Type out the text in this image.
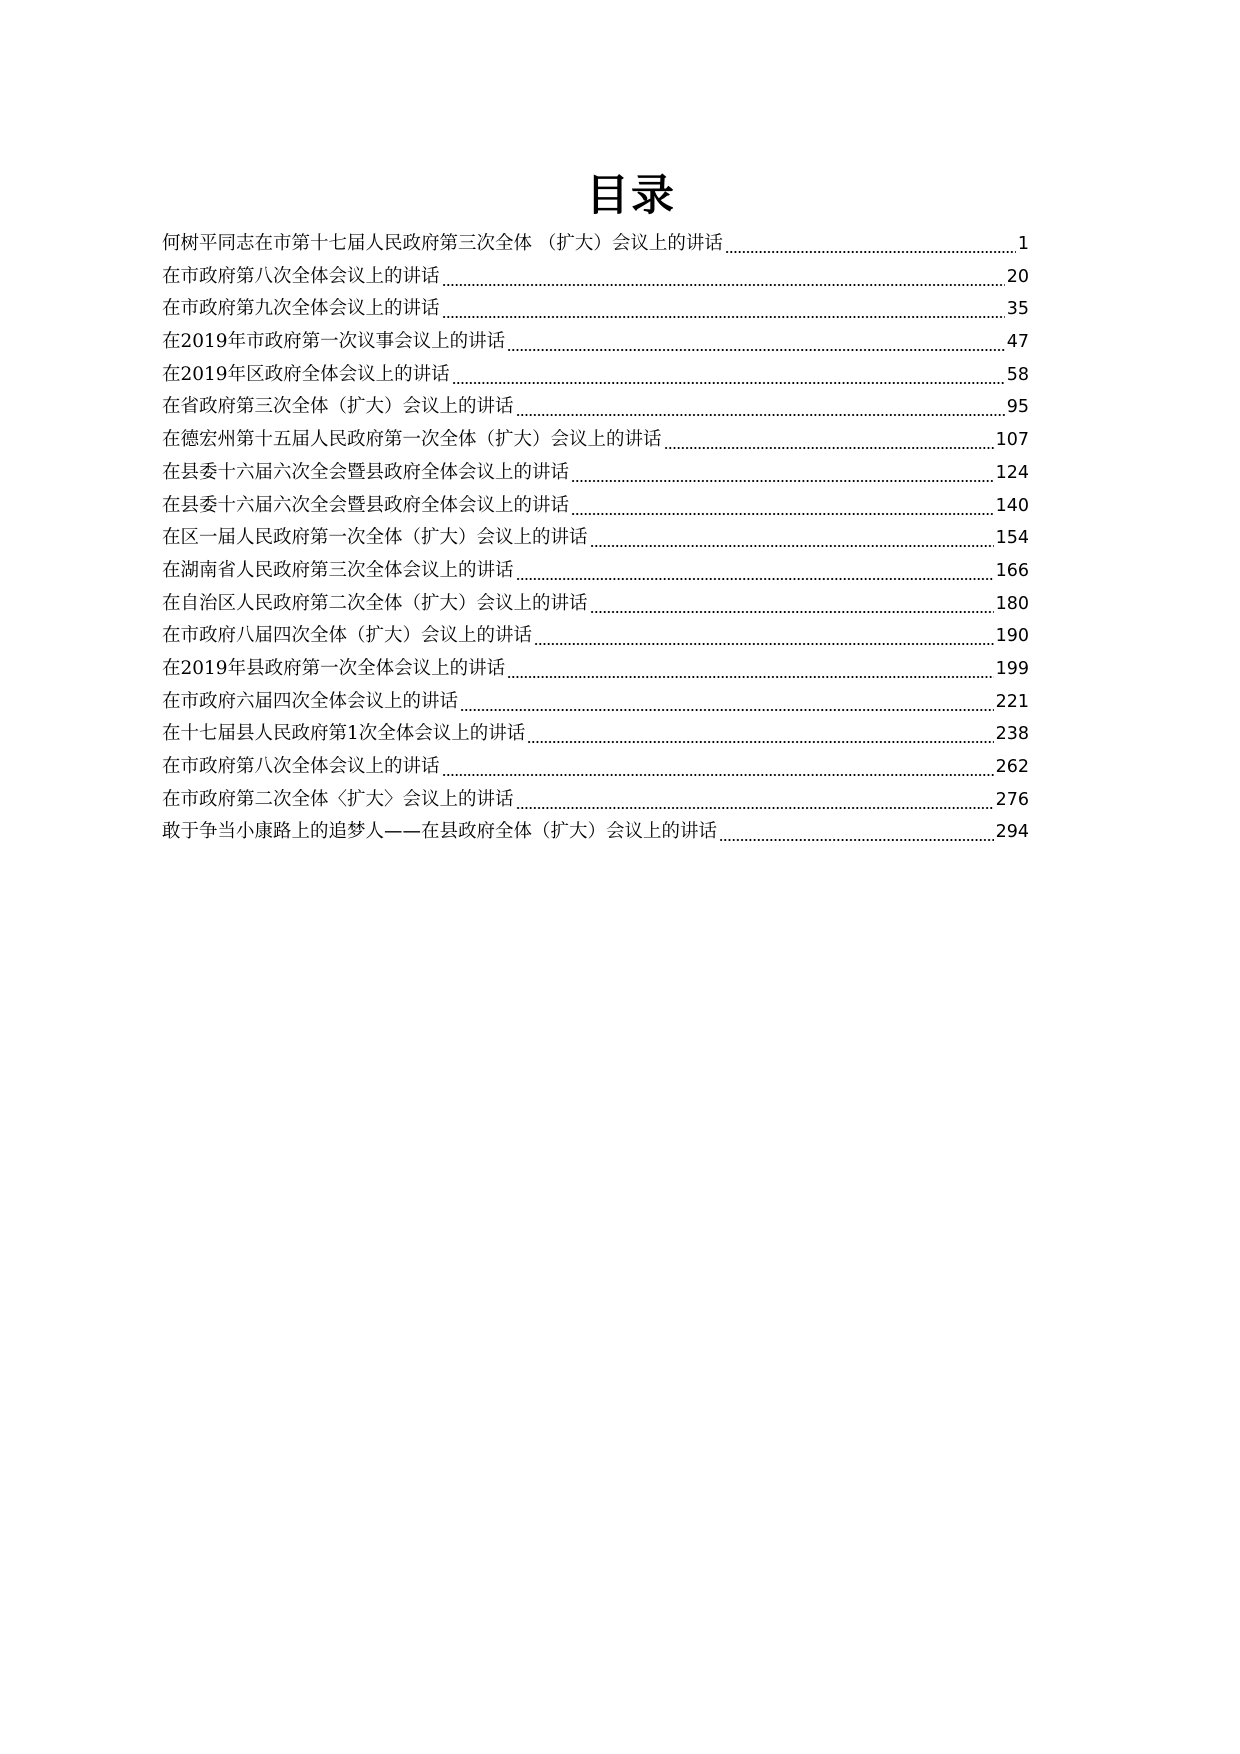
目录
何树平同志在市第十七届人民政府第三次全体 （扩大）会议上的讲话	1
在市政府第八次全体会议上的讲话	20
在市政府第九次全体会议上的讲话	35
在2019年市政府第一次议事会议上的讲话	47
在2019年区政府全体会议上的讲话	58
在省政府第三次全体（扩大）会议上的讲话	95
在德宏州第十五届人民政府第一次全体（扩大）会议上的讲话	107
在县委十六届六次全会暨县政府全体会议上的讲话	124
在县委十六届六次全会暨县政府全体会议上的讲话	140
在区一届人民政府第一次全体（扩大）会议上的讲话	154
在湖南省人民政府第三次全体会议上的讲话	166
在自治区人民政府第二次全体（扩大）会议上的讲话	180
在市政府八届四次全体（扩大）会议上的讲话	190
在2019年县政府第一次全体会议上的讲话	199
在市政府六届四次全体会议上的讲话	221
在十七届县人民政府第1次全体会议上的讲话	238
在市政府第八次全体会议上的讲话	262
在市政府第二次全体〈扩大〉会议上的讲话	276
敢于争当小康路上的追梦人——在县政府全体（扩大）会议上的讲话	294
